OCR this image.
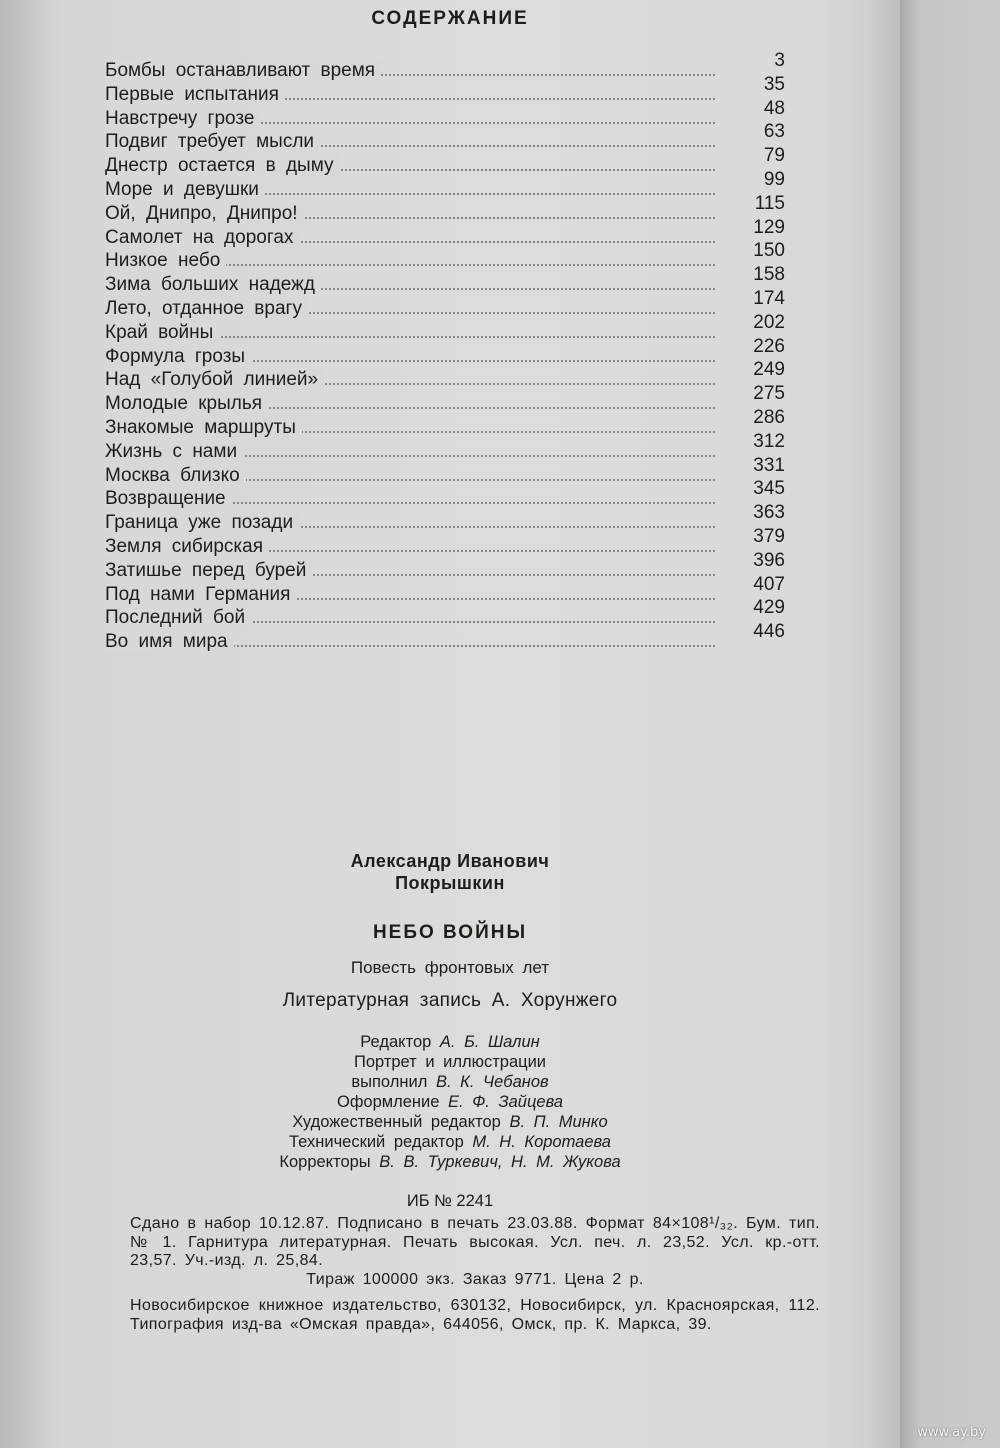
СОДЕРЖАНИЕ
Бомбы останавливают время	3
Первые испытания	35
Навстречу грозе	48
Подвиг требует мысли	63
Днестр остается в дыму	79
Море и девушки	99
Ой, Днипро, Днипро!	115
Самолет на дорогах	129
Низкое небо	150
Зима больших надежд	158
Лето, отданное врагу	174
Край войны	202
Формула грозы	226
Над «Голубой линией»	249
Молодые крылья	275
Знакомые маршруты	286
Жизнь с нами	312
Москва близко	331
Возвращение	345
Граница уже позади	363
Земля сибирская	379
Затишье перед бурей	396
Под нами Германия	407
Последний бой	429
Во имя мира	446
Александр Иванович
Покрышкин
НЕБО ВОЙНЫ
Повесть фронтовых лет
Литературная запись А. Хорунжего
Редактор А. Б. Шалин
Портрет и иллюстрации
выполнил В. К. Чебанов
Оформление Е. Ф. Зайцева
Художественный редактор В. П. Минко
Технический редактор М. Н. Коротаева
Корректоры В. В. Туркевич, Н. М. Жукова
ИБ № 2241

Сдано в набор 10.12.87. Подписано в печать 23.03.88. Формат 84×108¹/₃₂. Бум. тип. № 1. Гарнитура литературная. Печать высокая. Усл. печ. л. 23,52. Усл. кр.-отт. 23,57. Уч.-изд. л. 25,84.

Тираж 100000 экз. Заказ 9771. Цена 2 р.

Новосибирское книжное издательство, 630132, Новосибирск, ул. Красноярская, 112. Типография изд-ва «Омская правда», 644056, Омск, пр. К. Маркса, 39.

www.ay.by
